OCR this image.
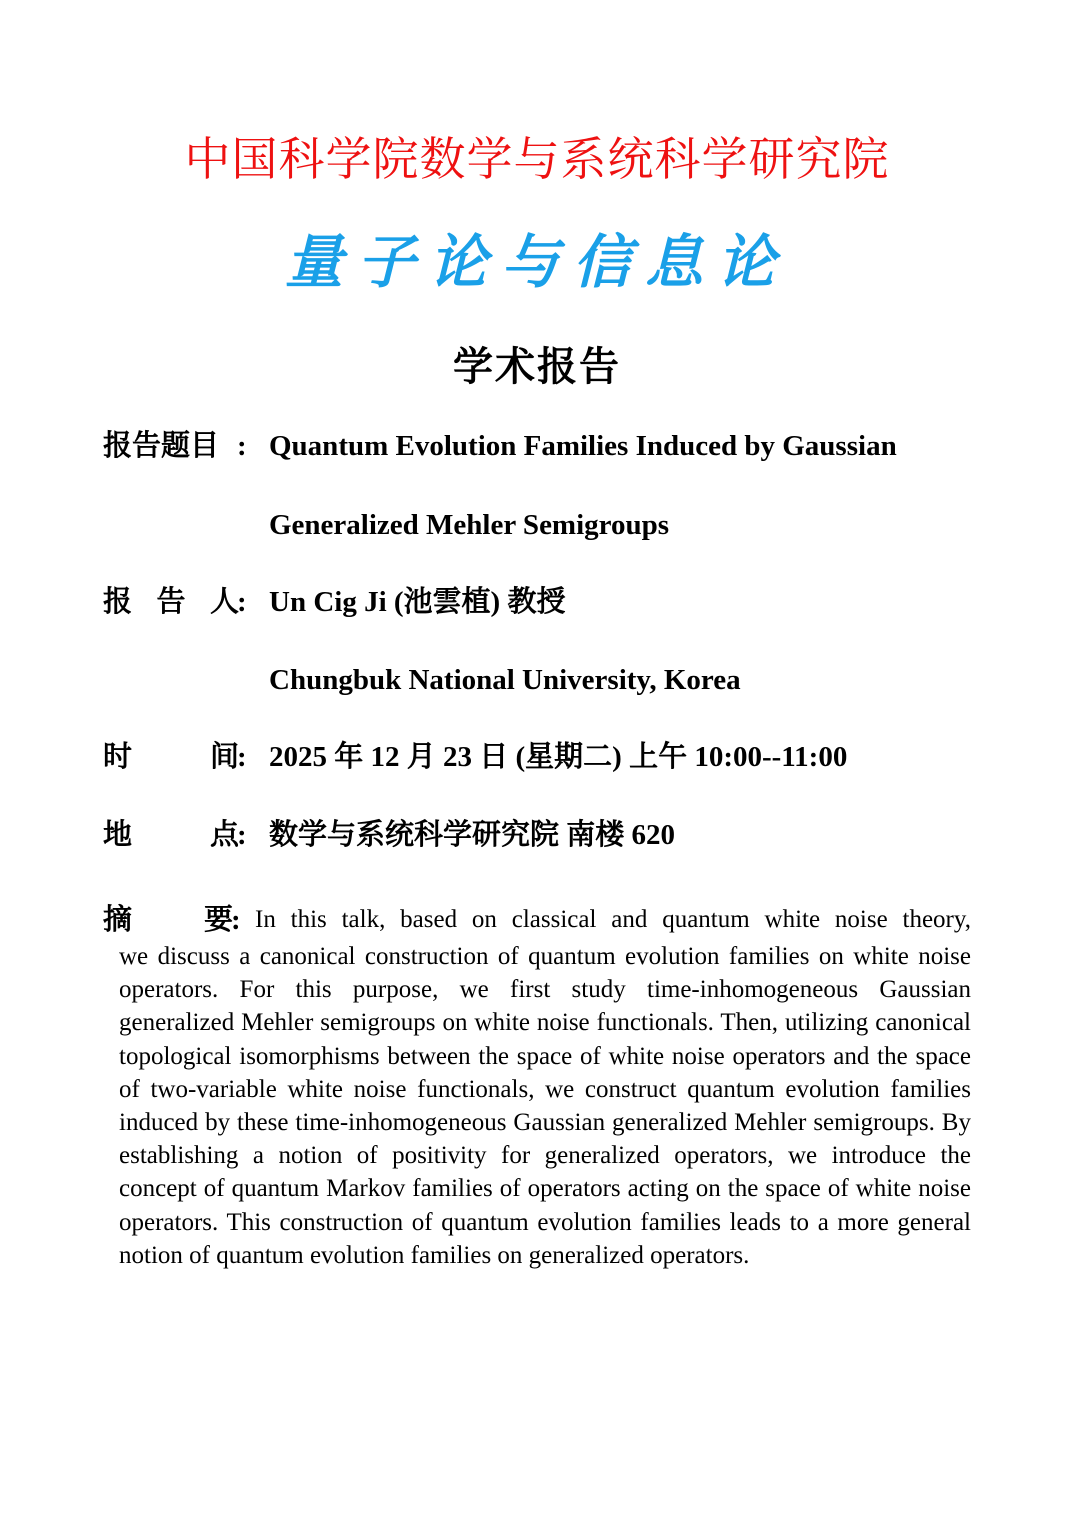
中国科学院数学与系统科学研究院
量子论与信息论
学术报告
报告题目 : Quantum Evolution Families Induced by Gaussian
Generalized Mehler Semigroups
报 告 人
: Un Cig Ji (池雲植) 教授
Chungbuk National University, Korea
时 间
: 2025 年 12 月 23 日 (星期二) 上午 10:00--11:00
地 点
: 数学与系统科学研究院 南楼 620
摘 要
: In this talk, based on classical and quantum white noise theory,
we discuss a canonical construction of quantum evolution families on white noise operators. For this purpose, we first study time-inhomogeneous Gaussian generalized Mehler semigroups on white noise functionals. Then, utilizing canonical topological isomorphisms between the space of white noise operators and the space of two-variable white noise functionals, we construct quantum evolution families induced by these time-inhomogeneous Gaussian generalized Mehler semigroups. By establishing a notion of positivity for generalized operators, we introduce the concept of quantum Markov families of operators acting on the space of white noise operators. This construction of quantum evolution families leads to a more general notion of quantum evolution families on generalized operators.
